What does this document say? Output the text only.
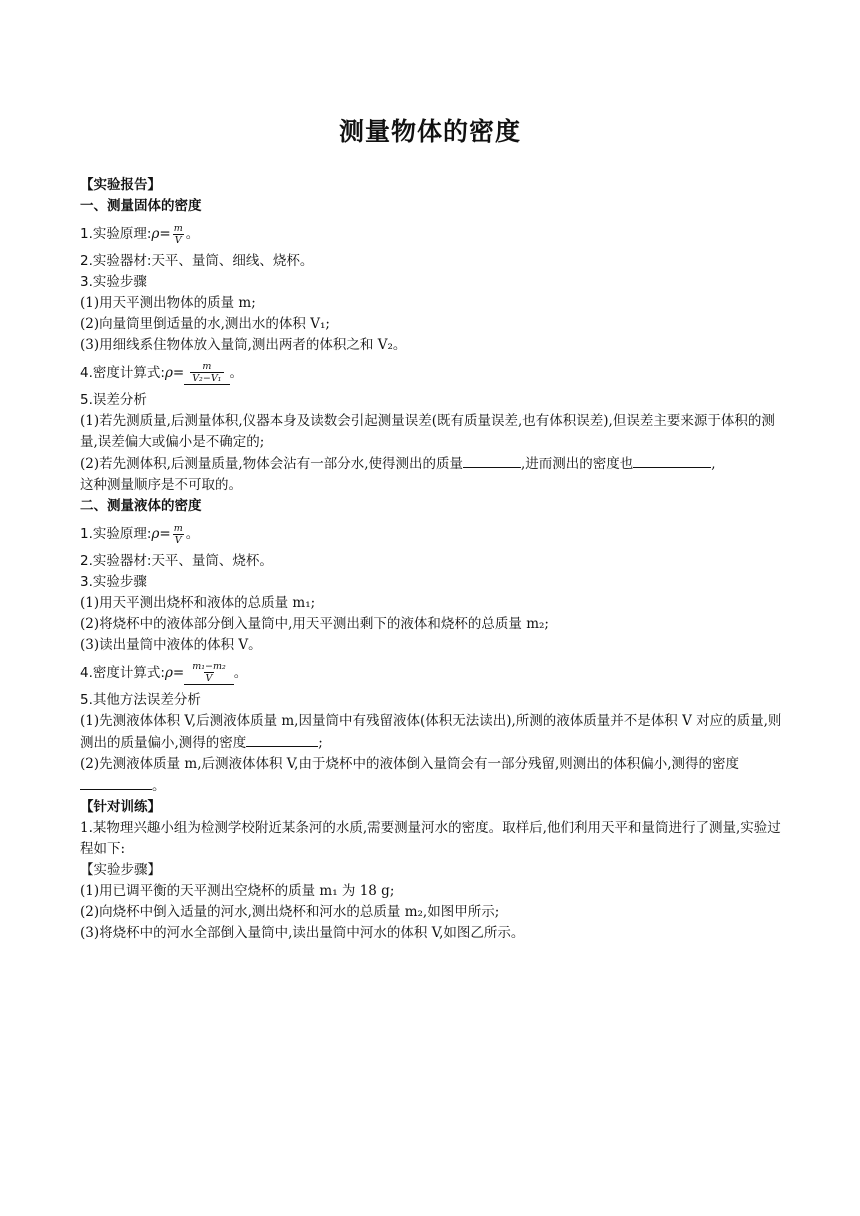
测量物体的密度
【实验报告】
一、测量固体的密度
1.实验原理: $\rho= \frac{m}{V}$ 。
2.实验器材:天平、量筒、细线、烧杯。
3.实验步骤
(1)用天平测出物体的质量 m;
(2)向量筒里倒适量的水,测出水的体积 V₁;
(3)用细线系住物体放入量筒,测出两者的体积之和 V₂。
4.密度计算式: $\rho= \frac{m}{\text{V₂−V₁}}$ 。
5.误差分析
(1)若先测质量,后测量体积,仪器本身及读数会引起测量误差(既有质量误差,也有体积误差),但误差主要来源于体积的测量,误差偏大或偏小是不确定的;
(2)若先测体积,后测量质量,物体会沾有一部分水,使得测出的质量	,进而测出的密度也	,
这种测量顺序是不可取的。
二、测量液体的密度
1.实验原理: $\rho= \frac{m}{V}$ 。
2.实验器材:天平、量筒、烧杯。
3.实验步骤
(1)用天平测出烧杯和液体的总质量 m₁;
(2)将烧杯中的液体部分倒入量筒中,用天平测出剩下的液体和烧杯的总质量 m₂;
(3)读出量筒中液体的体积 V。
4.密度计算式: $\rho= \frac{\text{m₁−m₂}}{V}$ 。
5.其他方法误差分析
(1)先测液体体积 V,后测液体质量 m,因量筒中有残留液体(体积无法读出),所测的液体质量并不是体积 V 对应的质量,则测出的质量偏小,测得的密度	;
(2)先测液体质量 m,后测液体体积 V,由于烧杯中的液体倒入量筒会有一部分残留,则测出的体积偏小,测得的密度。
【针对训练】
1.某物理兴趣小组为检测学校附近某条河的水质,需要测量河水的密度。取样后,他们利用天平和量筒进行了测量,实验过程如下:
【实验步骤】
(1)用已调平衡的天平测出空烧杯的质量 m₁ 为 18 g;
(2)向烧杯中倒入适量的河水,测出烧杯和河水的总质量 m₂,如图甲所示;
(3)将烧杯中的河水全部倒入量筒中,读出量筒中河水的体积 V,如图乙所示。
